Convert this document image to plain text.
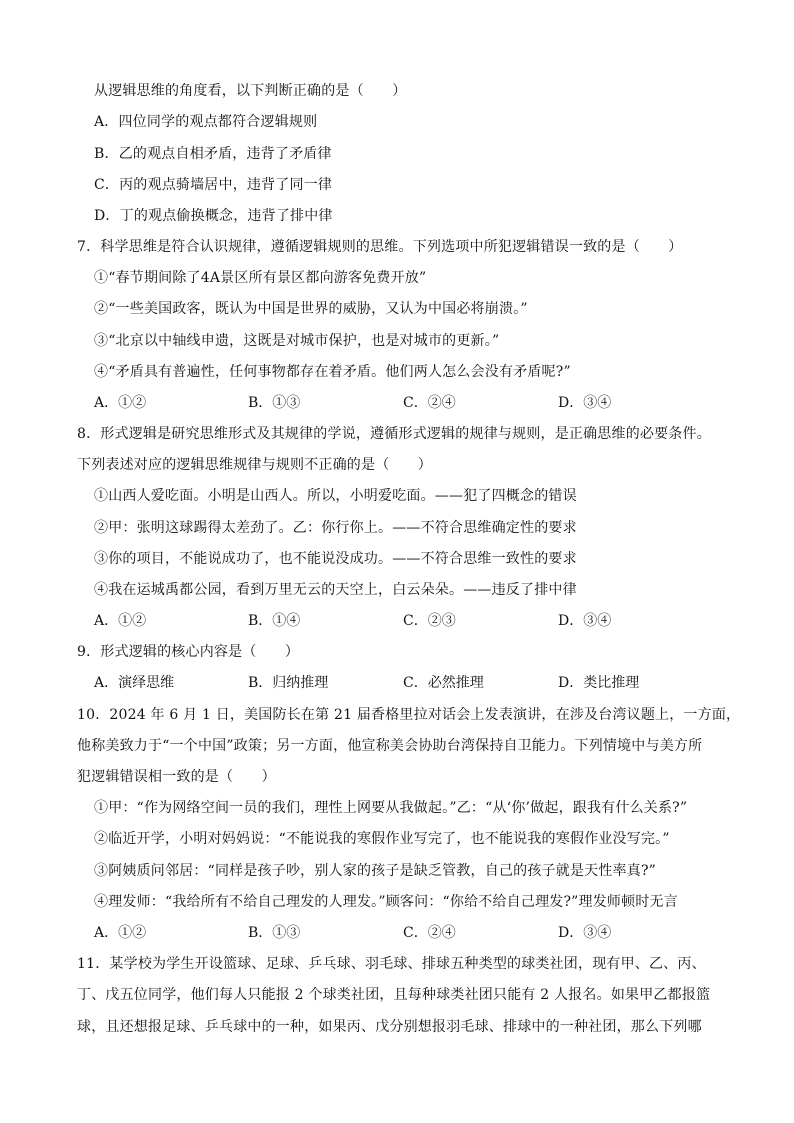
从逻辑思维的角度看，以下判断正确的是（　　）
A．四位同学的观点都符合逻辑规则
B．乙的观点自相矛盾，违背了矛盾律
C．丙的观点骑墙居中，违背了同一律
D．丁的观点偷换概念，违背了排中律
7．科学思维是符合认识规律，遵循逻辑规则的思维。下列选项中所犯逻辑错误一致的是（　　）
①“春节期间除了4A景区所有景区都向游客免费开放”
②“一些美国政客，既认为中国是世界的威胁，又认为中国必将崩溃。”
③“北京以中轴线申遗，这既是对城市保护，也是对城市的更新。”
④“矛盾具有普遍性，任何事物都存在着矛盾。他们两人怎么会没有矛盾呢?”
A．①②	B．①③	C．②④	D．③④
8．形式逻辑是研究思维形式及其规律的学说，遵循形式逻辑的规律与规则，是正确思维的必要条件。
下列表述对应的逻辑思维规律与规则不正确的是（　　）
①山西人爱吃面。小明是山西人。所以，小明爱吃面。——犯了四概念的错误
②甲：张明这球踢得太差劲了。乙：你行你上。——不符合思维确定性的要求
③你的项目，不能说成功了，也不能说没成功。——不符合思维一致性的要求
④我在运城禹都公园，看到万里无云的天空上，白云朵朵。——违反了排中律
A．①②	B．①④	C．②③	D．③④
9．形式逻辑的核心内容是（　　）
A．演绎思维	B．归纳推理	C．必然推理	D．类比推理
10．2024 年 6 月 1 日，美国防长在第 21 届香格里拉对话会上发表演讲，在涉及台湾议题上，一方面，
他称美致力于“一个中国”政策；另一方面，他宣称美会协助台湾保持自卫能力。下列情境中与美方所
犯逻辑错误相一致的是（　　）
①甲：“作为网络空间一员的我们，理性上网要从我做起。”乙：“从‘你’做起，跟我有什么关系?”
②临近开学，小明对妈妈说：“不能说我的寒假作业写完了，也不能说我的寒假作业没写完。”
③阿姨质问邻居：“同样是孩子吵，别人家的孩子是缺乏管教，自己的孩子就是天性率真?”
④理发师：“我给所有不给自己理发的人理发。”顾客问：“你给不给自己理发?”理发师顿时无言
A．①②	B．①③	C．②④	D．③④
11．某学校为学生开设篮球、足球、乒乓球、羽毛球、排球五种类型的球类社团，现有甲、乙、丙、
丁、戊五位同学，他们每人只能报 2 个球类社团，且每种球类社团只能有 2 人报名。如果甲乙都报篮
球，且还想报足球、乒乓球中的一种，如果丙、戊分别想报羽毛球、排球中的一种社团，那么下列哪
